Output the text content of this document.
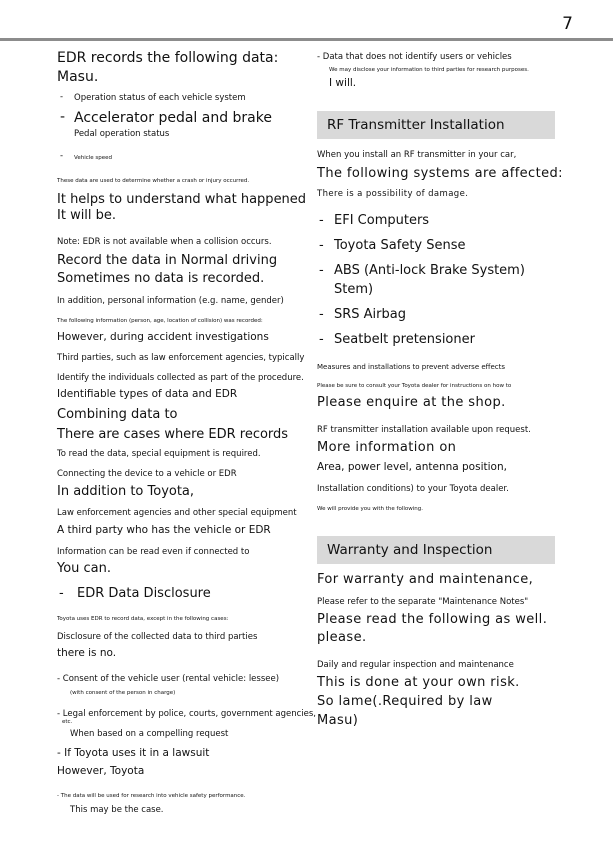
7
EDR records the following data:
Masu.
- Operation status of each vehicle system
- Accelerator pedal and brake
Pedal operation status
- Vehicle speed
These data are used to determine whether a crash or injury occurred.
It helps to understand what happened
It will be.
Note: EDR is not available when a collision occurs.
Record the data in Normal driving
Sometimes no data is recorded.
In addition, personal information (e.g. name, gender)
The following information (person, age, location of collision) was recorded:
However, during accident investigations
Third parties, such as law enforcement agencies, typically
Identify the individuals collected as part of the procedure.
Identifiable types of data and EDR
Combining data to
There are cases where EDR records
To read the data, special equipment is required.
Connecting the device to a vehicle or EDR
In addition to Toyota,
Law enforcement agencies and other special equipment
A third party who has the vehicle or EDR
Information can be read even if connected to
You can.
- EDR Data Disclosure
Toyota uses EDR to record data, except in the following cases:
Disclosure of the collected data to third parties
there is no.
- Consent of the vehicle user (rental vehicle: lessee)
(with consent of the person in charge)
- Legal enforcement by police, courts, government agencies,
etc.
When based on a compelling request
- If Toyota uses it in a lawsuit
However, Toyota
- The data will be used for research into vehicle safety performance.
This may be the case.
- Data that does not identify users or vehicles
We may disclose your information to third parties for research purposes.
I will.
RF Transmitter Installation
When you install an RF transmitter in your car,
The following systems are affected:
There is a possibility of damage.
- EFI Computers
- Toyota Safety Sense
- ABS (Anti-lock Brake System)
Stem)
- SRS Airbag
- Seatbelt pretensioner
Measures and installations to prevent adverse effects
Please be sure to consult your Toyota dealer for instructions on how to
Please enquire at the shop.
RF transmitter installation available upon request.
More information on
Area, power level, antenna position,
Installation conditions) to your Toyota dealer.
We will provide you with the following.
Warranty and Inspection
For warranty and maintenance,
Please refer to the separate "Maintenance Notes"
Please read the following as well.
please.
Daily and regular inspection and maintenance
This is done at your own risk.
So lame(.Required by law
Masu)
